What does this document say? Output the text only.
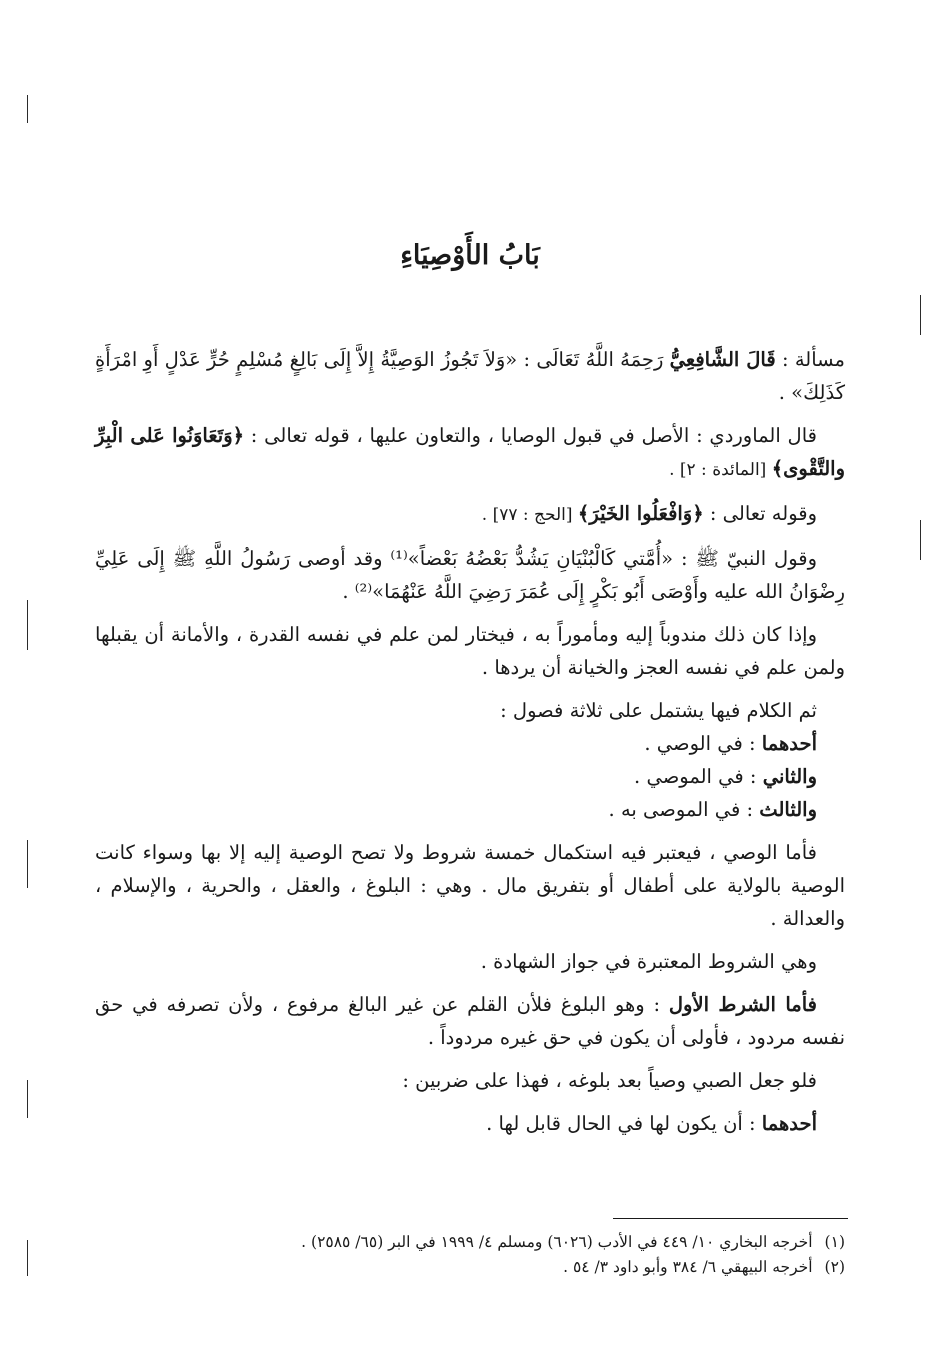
بَابُ الأَوْصِيَاءِ

مسألة : قَالَ الشَّافِعِيُّ رَحِمَهُ اللَّهُ تَعَالَى : «وَلاَ تَجُوزُ الوَصِيَّةُ إِلاَّ إِلَى بَالِغٍ مُسْلِمٍ حُرٍّ عَدْلٍ أَوِ امْرَأَةٍ كَذَلِكَ» .

قال الماوردي : الأصل في قبول الوصايا ، والتعاون عليها ، قوله تعالى : ﴿وَتَعَاوَنُوا عَلى الْبِرِّ والتَّقْوى﴾ [المائدة : ٢] .

وقوله تعالى : ﴿وَافْعَلُوا الخَيْرَ﴾ [الحج : ٧٧] .

وقول النبيّ ﷺ : «أُمَّتي كَالْبُنْيَانِ يَشُدُّ بَعْضُهُ بَعْضاً»⁽¹⁾ وقد أوصى رَسُولُ اللَّهِ ﷺ إِلَى عَلِيِّ رِضْوَانُ الله عليه وأَوْصَى أَبُو بَكْرٍ إِلَى عُمَرَ رَضِيَ اللَّهُ عَنْهُمَا»⁽²⁾ .

وإذا كان ذلك مندوباً إليه ومأموراً به ، فيختار لمن علم في نفسه القدرة ، والأمانة أن يقبلها ولمن علم في نفسه العجز والخيانة أن يردها .

ثم الكلام فيها يشتمل على ثلاثة فصول :

أحدهما : في الوصي .

والثاني : في الموصي .

والثالث : في الموصى به .

فأما الوصي ، فيعتبر فيه استكمال خمسة شروط ولا تصح الوصية إليه إلا بها وسواء كانت الوصية بالولاية على أطفال أو بتفريق مال . وهي : البلوغ ، والعقل ، والحرية ، والإسلام ، والعدالة .

وهي الشروط المعتبرة في جواز الشهادة .

فأما الشرط الأول : وهو البلوغ فلأن القلم عن غير البالغ مرفوع ، ولأن تصرفه في حق نفسه مردود ، فأولى أن يكون في حق غيره مردوداً .

فلو جعل الصبي وصياً بعد بلوغه ، فهذا على ضربين :

أحدهما : أن يكون لها في الحال قابل لها .

(١)أخرجه البخاري ١٠/ ٤٤٩ في الأدب (٦٠٢٦) ومسلم ٤/ ١٩٩٩ في البر (٦٥/ ٢٥٨٥) .

(٢)أخرجه البيهقي ٦/ ٣٨٤ وأبو داود ٣/ ٥٤ .
